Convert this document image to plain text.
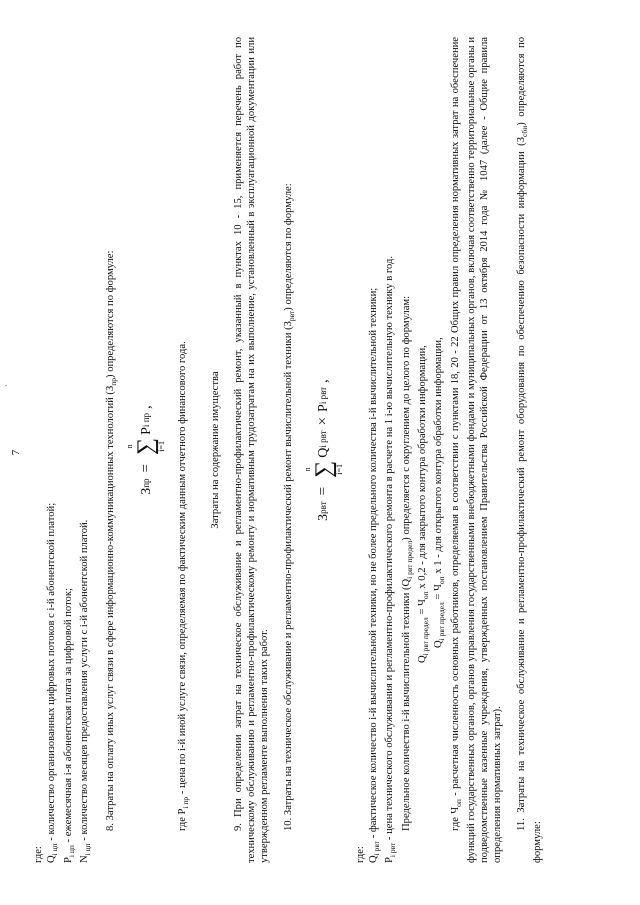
·
7

где: $Q_{i цп}$ - количество организованных цифровых потоков с i-й абонентской платой;

$P_{i цп}$ - ежемесячная i-я абонентская плата за цифровой поток;

$N_{i цп}$ - количество месяцев предоставления услуги с i-й абонентской платой.	8. Затраты на оплату иных услуг связи в сфере информационно-коммуникационных технологий $(З_{пр})$ определяются по формуле:

З
пр
=
n ∑
i=1
P
i пр
,

где $P_{i пр}$ - цена по i-й иной услуге связи, определяемая по фактическим данным отчетного финансового года.	Затраты на содержание имущества 9. При определении затрат на техническое обслуживание и регламентно-профилактический ремонт, указанный в пунктах 10 - 15, применяется перечень работ по техническому обслуживанию и регламентно-профилактическому ремонту и нормативным трудозатратам на их выполнение, установленный в эксплуатационной документации или утвержденном регламенте выполнения таких работ. 10. Затраты на техническое обслуживание и регламентно-профилактический ремонт вычислительной техники $(З_{рвт})$ определяются по формуле:

З
рвт
=
n ∑
i=1
Q
i рвт
×
P
i рвт
,

где: $Q_{i рвт}$ - фактическое количество i-й вычислительной техники, но не более предельного количества i-й вычислительной техники;

$P_{i рвт}$ - цена технического обслуживания и регламентно-профилактического ремонта в расчете на 1 i-ю вычислительную технику в год. Предельное количество i-й вычислительной техники $(Q_{i рвт предел})$ определяется с округлением до целого по формулам:

$Q_{i рвт предел} = Ч_{оп}$ x 0,2 - для закрытого контура обработки информации,

$Q_{i рвт предел} = Ч_{оп}$ x 1 - для открытого контура обработки информации,

где $Ч_{оп}$ - расчетная численность основных работников, определяемая в соответствии с пунктами 18, 20 - 22 Общих правил определения нормативных затрат на обеспечение функций государственных органов, органов управления государственными внебюджетными фондами и муниципальных органов, включая соответственно территориальные органы и подведомственные казенные учреждения, утвержденных постановлением Правительства Российской Федерации от 13 октября 2014 года № 1047 (далее - Общие правила определения нормативных затрат). 11. Затраты на техническое обслуживание и регламентно-профилактический ремонт оборудования по обеспечению безопасности информации $(З_{сби})$ определяются по формуле:
